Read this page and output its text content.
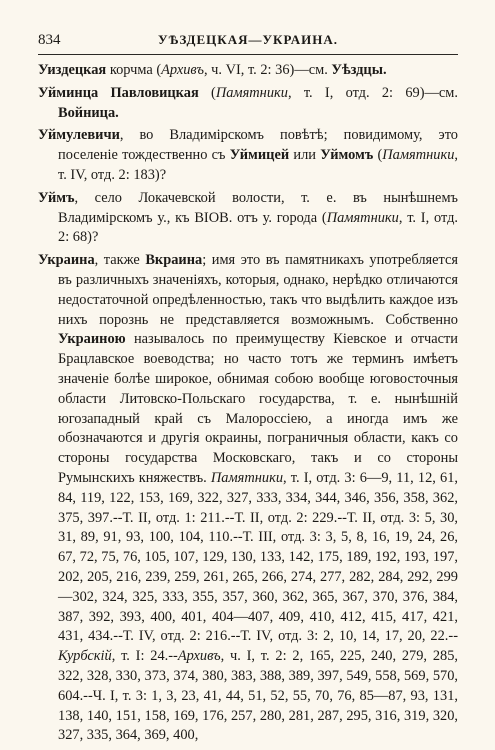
834	УѢЗДЕЦКАЯ—УКРАИНА.

Уиздецкая корчма (Архивъ, ч. VI, т. 2: 36)—см. Уѣздцы.

Уйминца Павловицкая (Памятники, т. I, отд. 2: 69)—см. Войница.

Уймулевичи, во Владимірскомъ повѣтѣ; повидимому, это поселеніе тождественно съ Уймицей или Уймомъ (Памятники, т. IV, отд. 2: 183)?

Уймъ, село Локачевской волости, т. е. въ нынѣшнемъ Владимірскомъ у., къ ВІОВ. отъ у. города (Памятники, т. I, отд. 2: 68)?

Украина, также Вкраина; имя это въ памятникахъ употребляется въ различныхъ значеніяхъ, которыя, однако, нерѣдко отличаются недостаточной опредѣленностью, такъ что выдѣлить каждое изъ нихъ порознь не представляется возможнымъ. Собственно Украиною называлось по преимуществу Кіевское и отчасти Брацлавское воеводства; но часто тотъ же терминъ имѣетъ значеніе болѣе широкое, обнимая собою вообще юговосточныя области Литовско-Польскаго государства, т. е. нынѣшній югозападный край съ Малороссіею, а иногда имъ же обозначаются и другія окраины, пограничныя области, какъ со стороны государства Московскаго, такъ и со стороны Румынскихъ княжествъ. Памятники, т. I, отд. 3: 6—9, 11, 12, 61, 84, 119, 122, 153, 169, 322, 327, 333, 334, 344, 346, 356, 358, 362, 375, 397.--Т. II, отд. 1: 211.--Т. II, отд. 2: 229.--Т. II, отд. 3: 5, 30, 31, 89, 91, 93, 100, 104, 110.--Т. III, отд. 3: 3, 5, 8, 16, 19, 24, 26, 67, 72, 75, 76, 105, 107, 129, 130, 133, 142, 175, 189, 192, 193, 197, 202, 205, 216, 239, 259, 261, 265, 266, 274, 277, 282, 284, 292, 299—302, 324, 325, 333, 355, 357, 360, 362, 365, 367, 370, 376, 384, 387, 392, 393, 400, 401, 404—407, 409, 410, 412, 415, 417, 421, 431, 434.--Т. IV, отд. 2: 216.--Т. IV, отд. 3: 2, 10, 14, 17, 20, 22.--Курбскій, т. I: 24.--Архивъ, ч. I, т. 2: 2, 165, 225, 240, 279, 285, 322, 328, 330, 373, 374, 380, 383, 388, 389, 397, 549, 558, 569, 570, 604.--Ч. I, т. 3: 1, 3, 23, 41, 44, 51, 52, 55, 70, 76, 85—87, 93, 131, 138, 140, 151, 158, 169, 176, 257, 280, 281, 287, 295, 316, 319, 320, 327, 335, 364, 369, 400,
